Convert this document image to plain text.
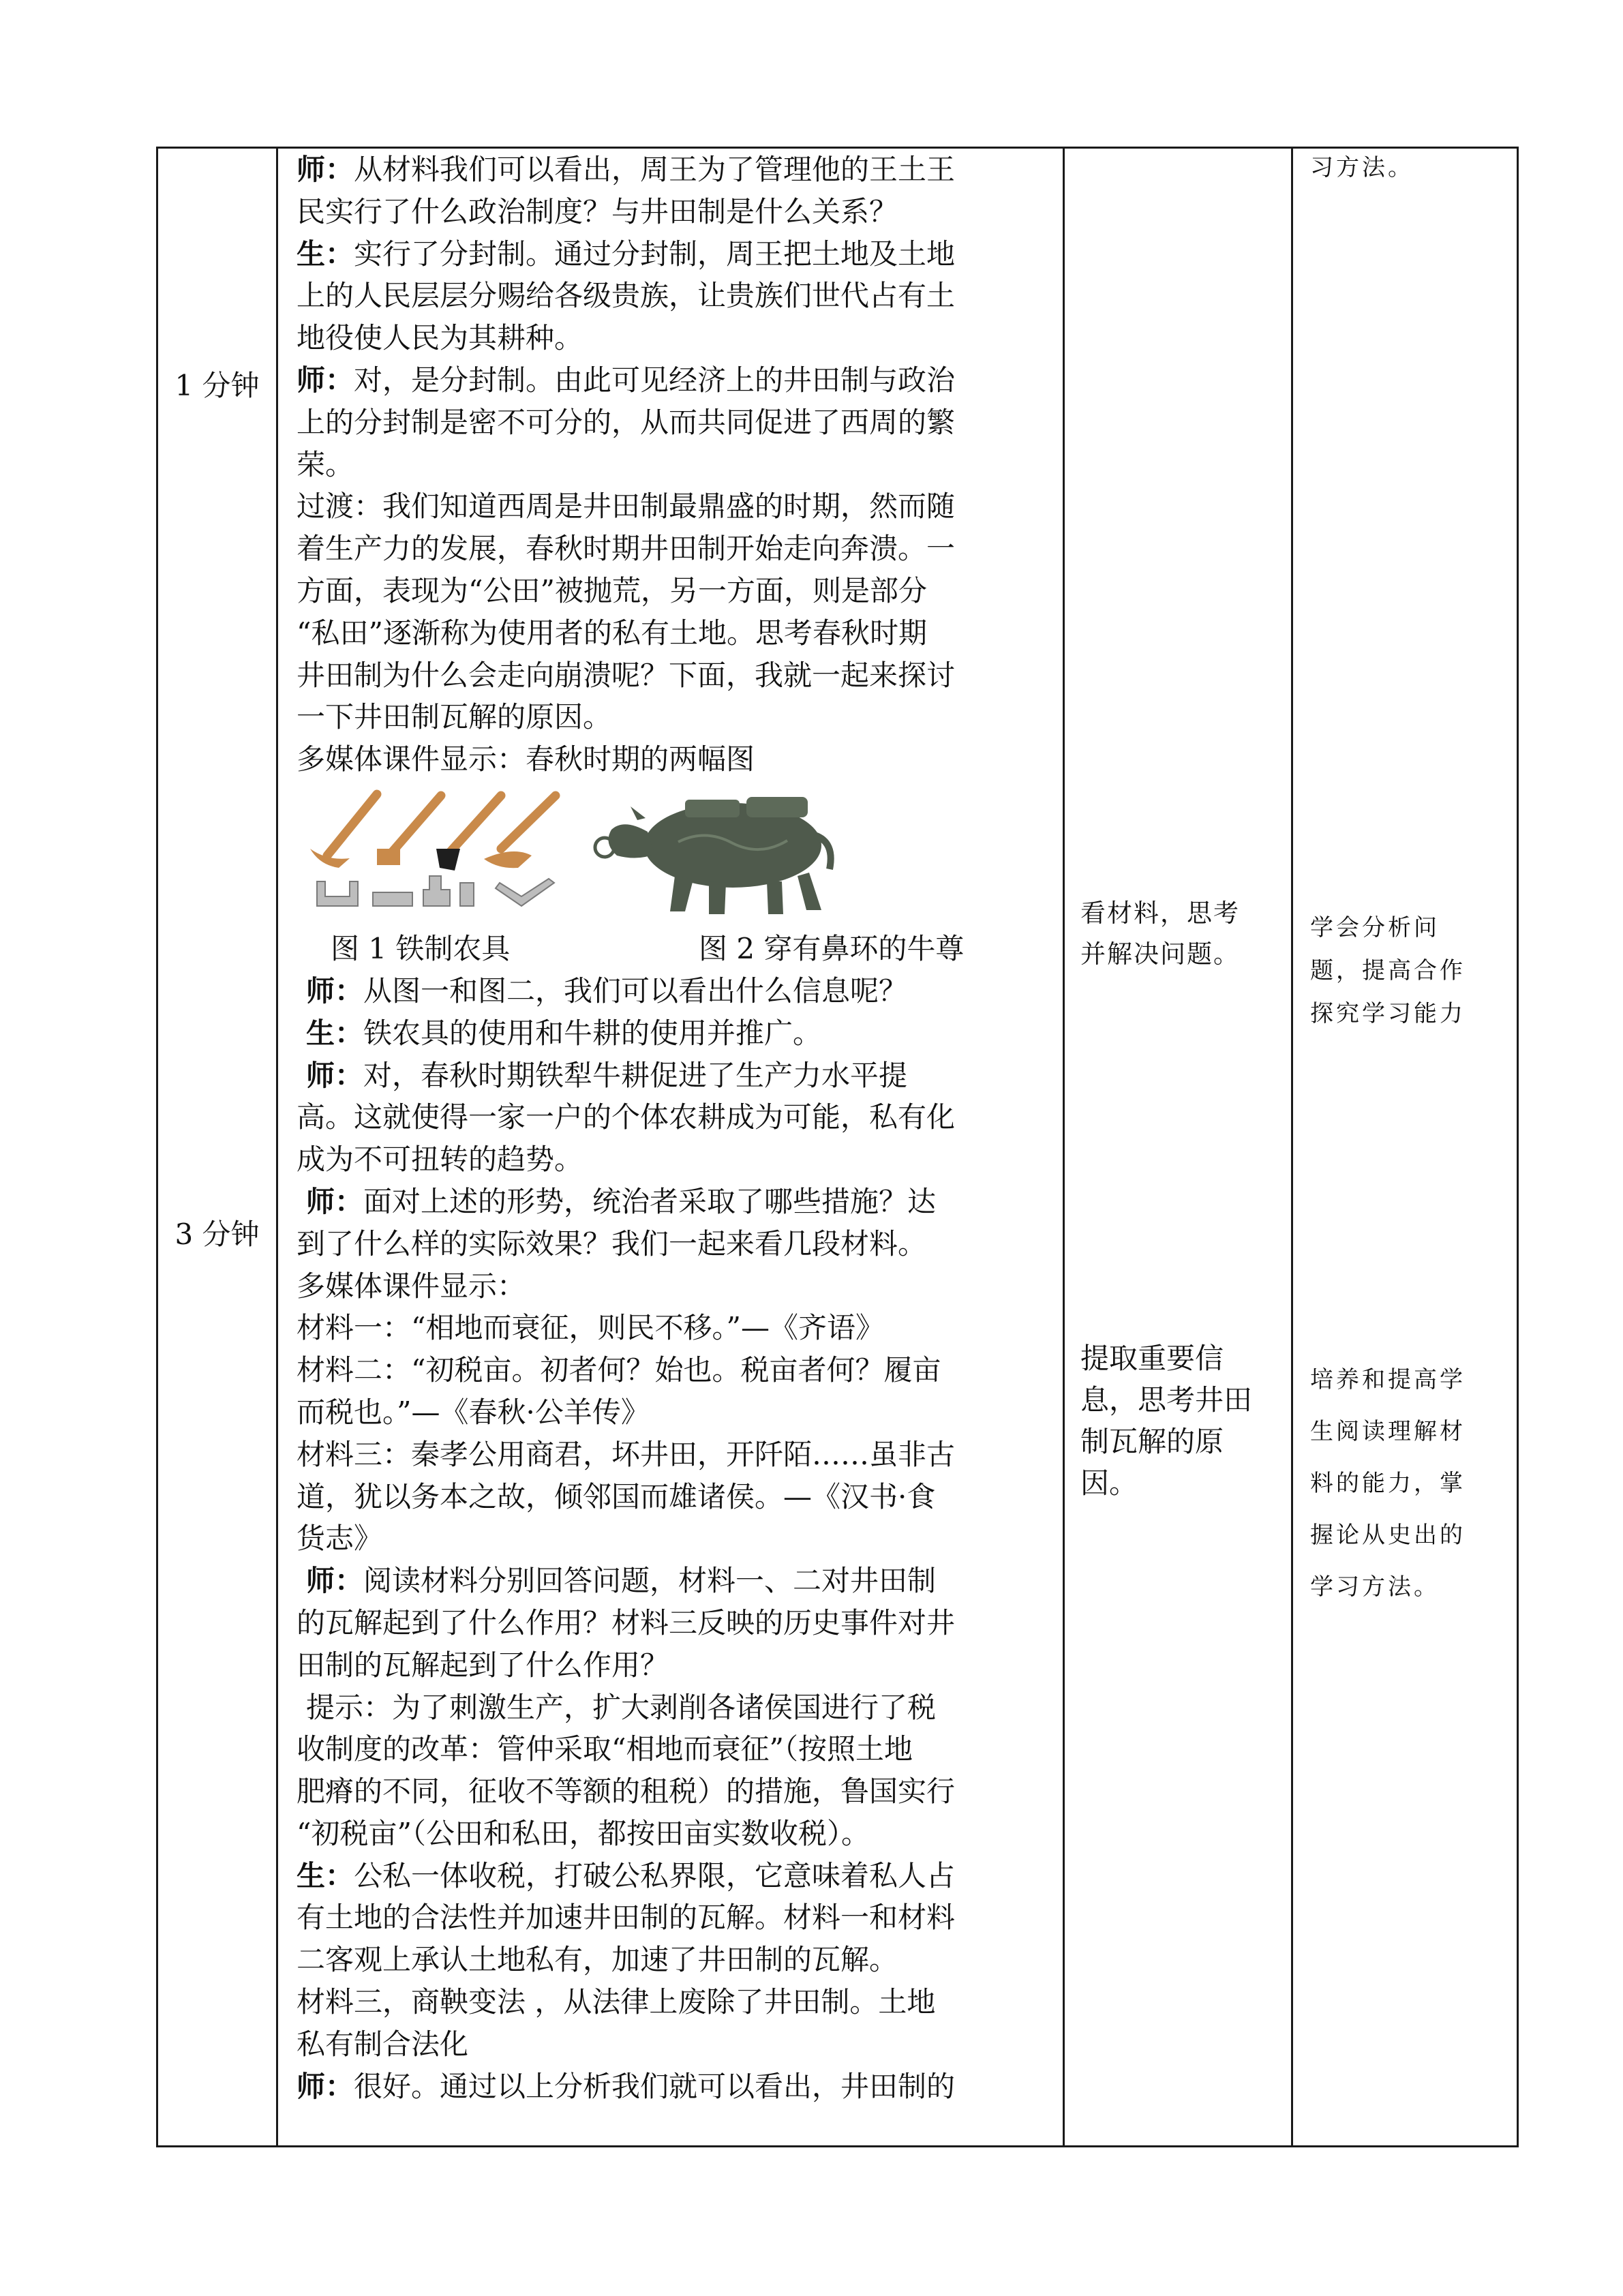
1 分钟
3 分钟

师：从材料我们可以看出，周王为了管理他的王土王

民实行了什么政治制度？与井田制是什么关系？

生：实行了分封制。通过分封制，周王把土地及土地

上的人民层层分赐给各级贵族，让贵族们世代占有土

地役使人民为其耕种。

师：对，是分封制。由此可见经济上的井田制与政治

上的分封制是密不可分的，从而共同促进了西周的繁

荣。

过渡：我们知道西周是井田制最鼎盛的时期，然而随

着生产力的发展，春秋时期井田制开始走向奔溃。一

方面，表现为“公田”被抛荒，另一方面，则是部分

“私田”逐渐称为使用者的私有土地。思考春秋时期

井田制为什么会走向崩溃呢？下面，我就一起来探讨

一下井田制瓦解的原因。

多媒体课件显示：春秋时期的两幅图

图 1 铁制农具	图 2 穿有鼻环的牛尊

师：从图一和图二，我们可以看出什么信息呢？

生：铁农具的使用和牛耕的使用并推广。

师：对，春秋时期铁犁牛耕促进了生产力水平提

高。这就使得一家一户的个体农耕成为可能，私有化

成为不可扭转的趋势。

师：面对上述的形势，统治者采取了哪些措施？达

到了什么样的实际效果？我们一起来看几段材料。

多媒体课件显示：

材料一：“相地而衰征，则民不移。”—《齐语》

材料二：“初税亩。初者何？始也。税亩者何？履亩

而税也。”—《春秋·公羊传》

材料三：秦孝公用商君，坏井田，开阡陌……虽非古

道，犹以务本之故，倾邻国而雄诸侯。—《汉书·食

货志》

师：阅读材料分别回答问题，材料一、二对井田制

的瓦解起到了什么作用？材料三反映的历史事件对井

田制的瓦解起到了什么作用？

提示：为了刺激生产，扩大剥削各诸侯国进行了税

收制度的改革：管仲采取“相地而衰征”（按照土地

肥瘠的不同，征收不等额的租税）的措施，鲁国实行

“初税亩”（公田和私田，都按田亩实数收税）。

生：公私一体收税，打破公私界限，它意味着私人占

有土地的合法性并加速井田制的瓦解。材料一和材料

二客观上承认土地私有，加速了井田制的瓦解。

材料三，商鞅变法 ，从法律上废除了井田制。土地

私有制合法化

师：很好。通过以上分析我们就可以看出，井田制的

看材料，思考
并解决问题。
提取重要信
息，思考井田
制瓦解的原
因。
习方法。
学会分析问
题，提高合作
探究学习能力
培养和提高学
生阅读理解材
料的能力，掌
握论从史出的
学习方法。
